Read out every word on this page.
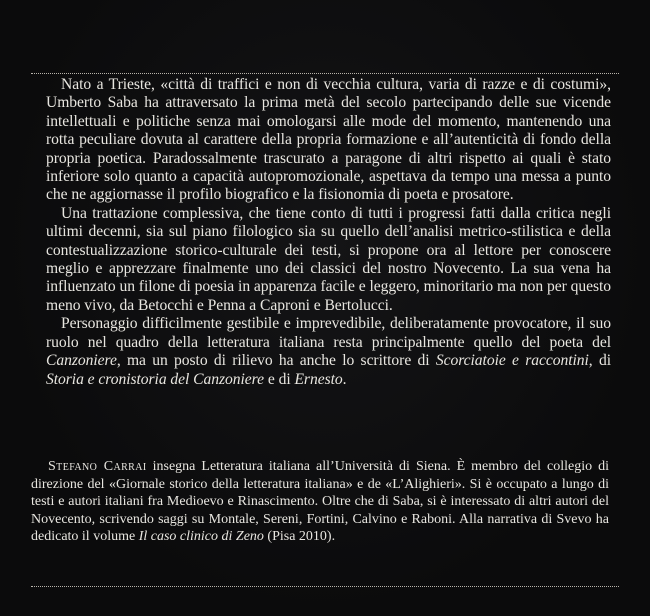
Nato a Trieste, «città di traffici e non di vecchia cultura, varia di razze e di costumi», Umberto Saba ha attraversato la prima metà del secolo partecipando delle sue vicende intellettuali e politiche senza mai omologarsi alle mode del momento, mantenendo una rotta peculiare dovuta al carattere della propria formazione e all’autenticità di fondo della propria poetica. Paradossalmente trascurato a paragone di altri rispetto ai quali è stato inferiore solo quanto a capacità autopromozionale, aspettava da tempo una messa a punto che ne aggiornasse il profilo biografico e la fisionomia di poeta e prosatore.

Una trattazione complessiva, che tiene conto di tutti i progressi fatti dalla critica negli ultimi decenni, sia sul piano filologico sia su quello dell’analisi metrico-stilistica e della contestualizzazione storico-culturale dei testi, si propone ora al lettore per conoscere meglio e apprezzare finalmente uno dei classici del nostro Novecento. La sua vena ha influenzato un filone di poesia in apparenza facile e leggero, minoritario ma non per questo meno vivo, da Betocchi e Penna a Caproni e Bertolucci.

Personaggio difficilmente gestibile e imprevedibile, deliberatamente provocatore, il suo ruolo nel quadro della letteratura italiana resta principalmente quello del poeta del Canzoniere, ma un posto di rilievo ha anche lo scrittore di Scorciatoie e raccontini, di Storia e cronistoria del Canzoniere e di Ernesto.

Stefano Carrai insegna Letteratura italiana all’Università di Siena. È membro del collegio di direzione del «Giornale storico della letteratura italiana» e de «L’Alighieri». Si è occupato a lungo di testi e autori italiani fra Medioevo e Rinascimento. Oltre che di Saba, si è interessato di altri autori del Novecento, scrivendo saggi su Montale, Sereni, Fortini, Calvino e Raboni. Alla narrativa di Svevo ha dedicato il volume Il caso clinico di Zeno (Pisa 2010).
